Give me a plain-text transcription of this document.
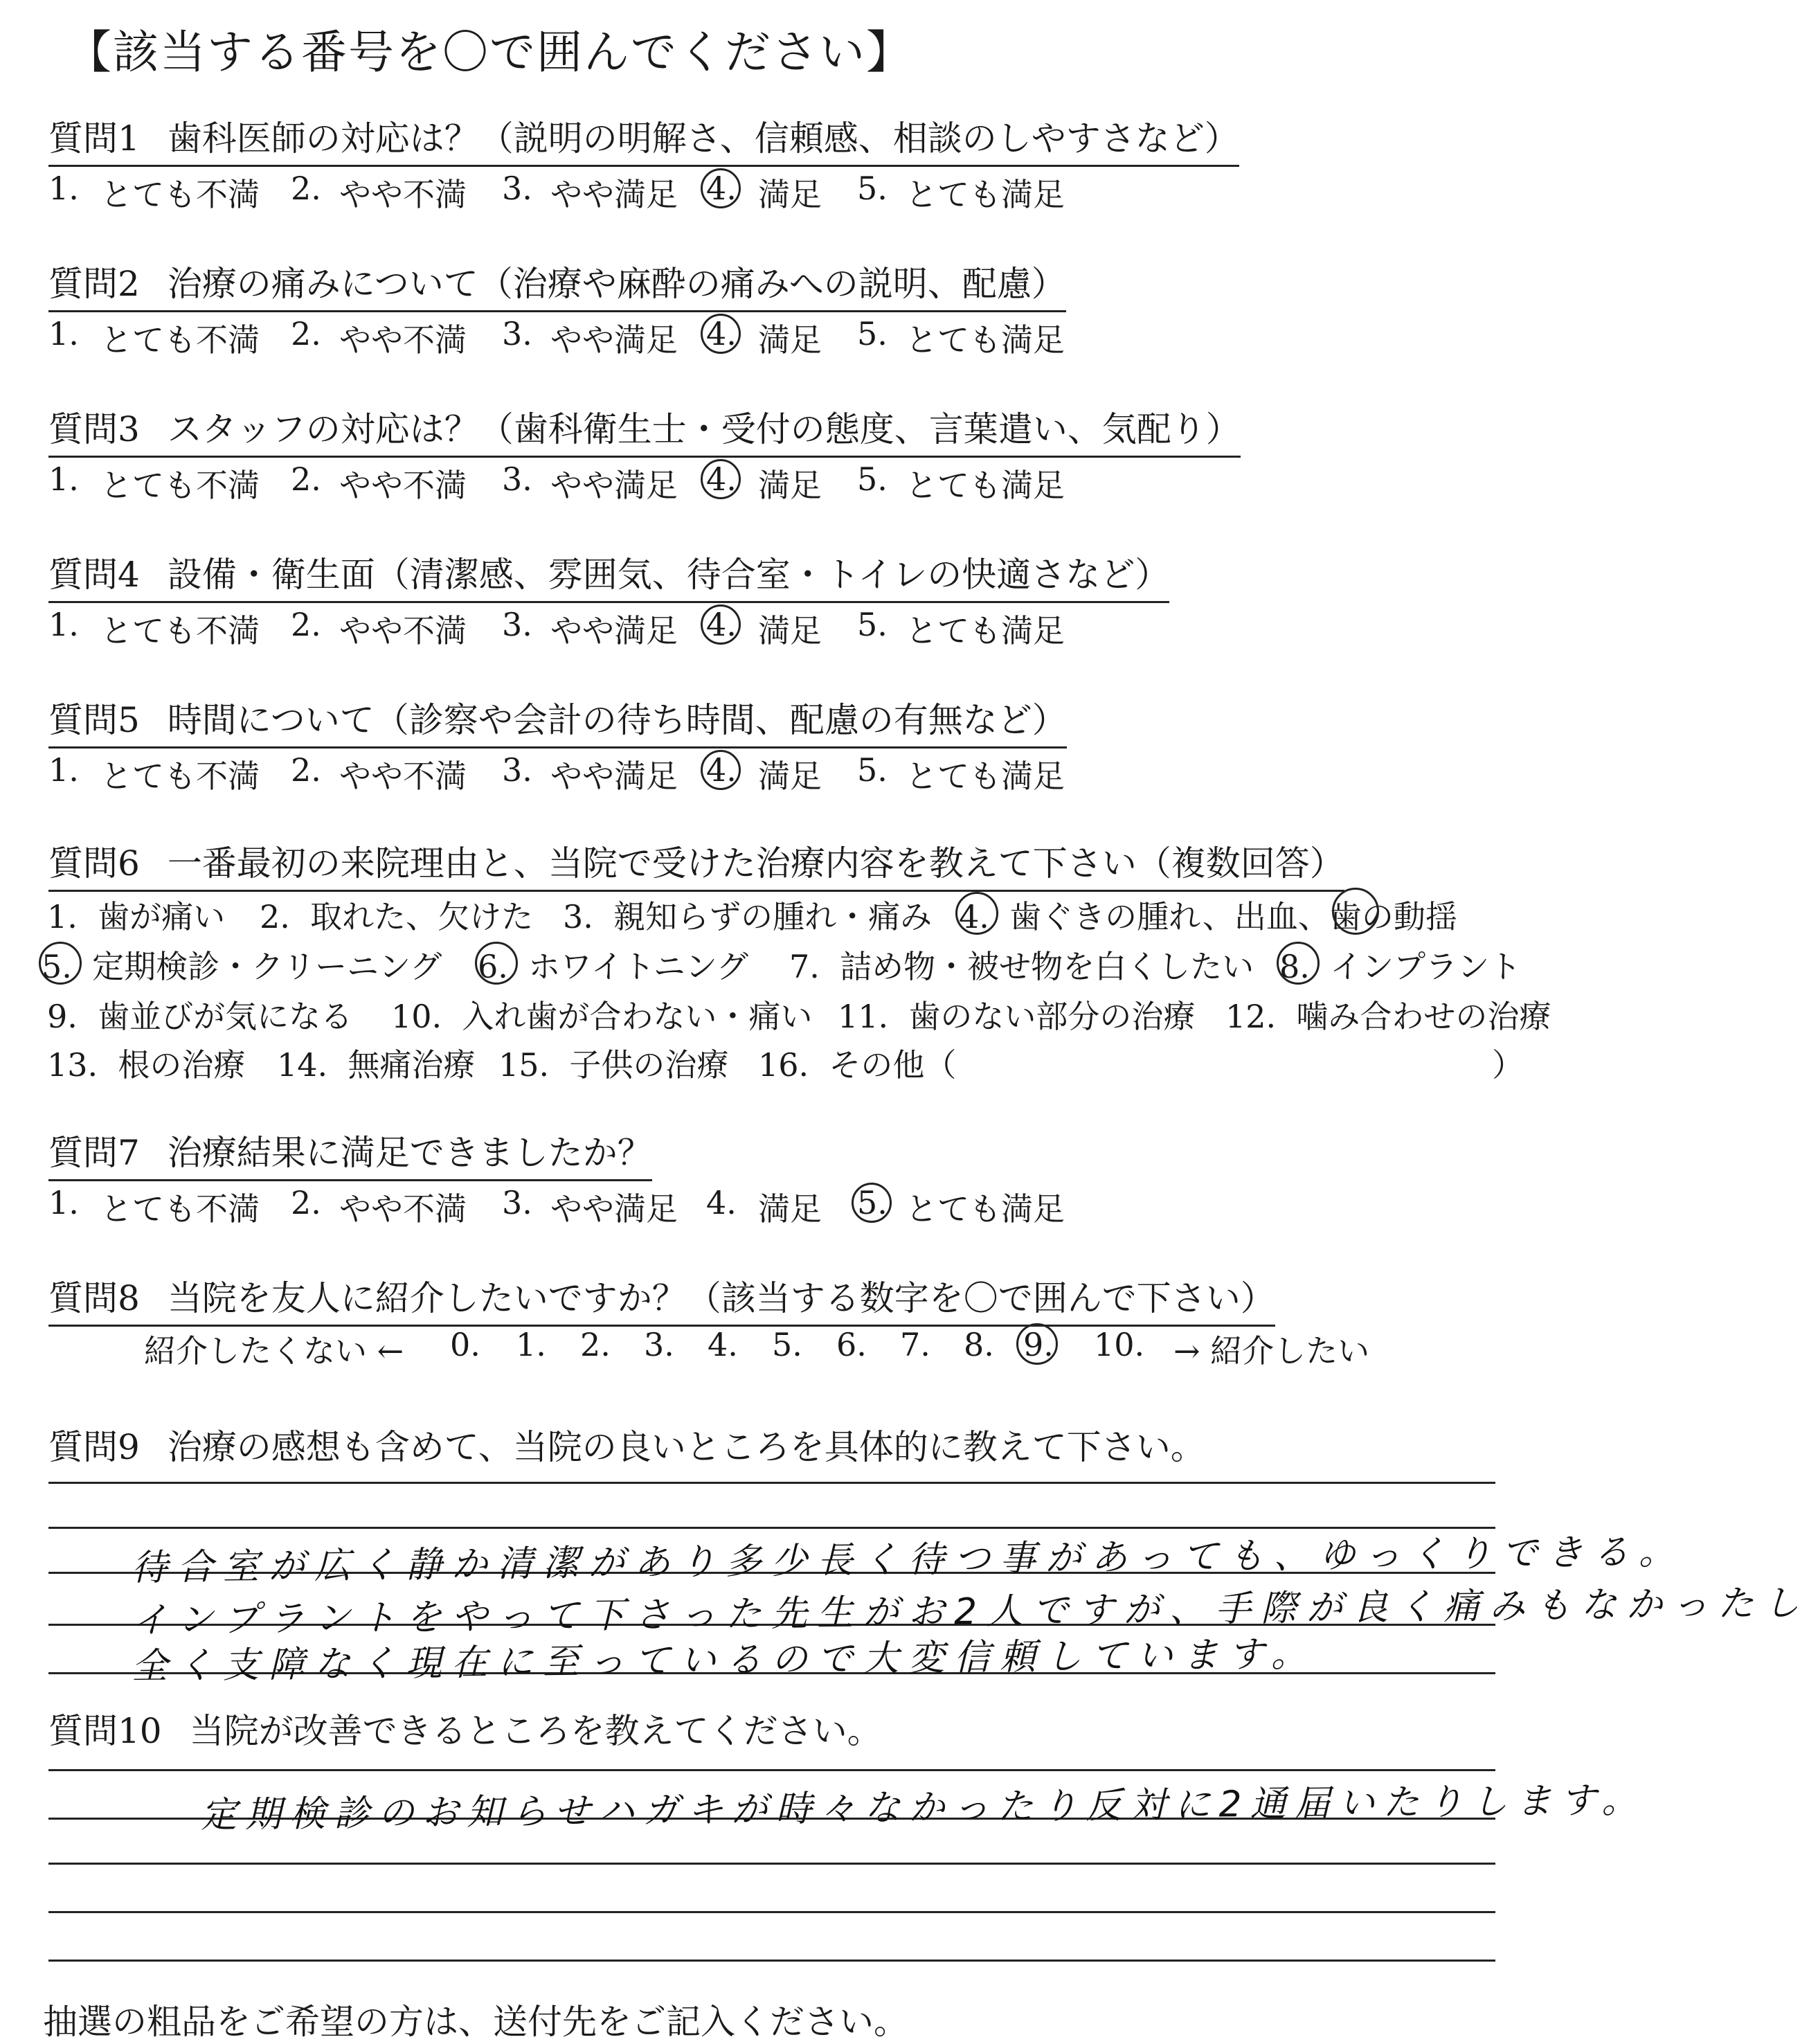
【該当する番号を〇で囲んでください】
質問1 歯科医師の対応は？（説明の明解さ、信頼感、相談のしやすさなど）
質問2 治療の痛みについて（治療や麻酔の痛みへの説明、配慮）
質問3 スタッフの対応は？（歯科衛生士・受付の態度、言葉遣い、気配り）
質問4 設備・衛生面（清潔感、雰囲気、待合室・トイレの快適さなど）
質問5 時間について（診察や会計の待ち時間、配慮の有無など）
1. とても不満 2. やや不満 3. やや満足 4. 満足 5. とても満足
1. とても不満 2. やや不満 3. やや満足 4. 満足 5. とても満足
1. とても不満 2. やや不満 3. やや満足 4. 満足 5. とても満足
1. とても不満 2. やや不満 3. やや満足 4. 満足 5. とても満足
1. とても不満 2. やや不満 3. やや満足 4. 満足 5. とても満足
質問6 一番最初の来院理由と、当院で受けた治療内容を教えて下さい（複数回答）
1. 歯が痛い 2. 取れた、欠けた 3. 親知らずの腫れ・痛み 4. 歯ぐきの腫れ、出血、歯の動揺
5. 定期検診・クリーニング 6. ホワイトニング 7. 詰め物・被せ物を白くしたい 8. インプラント
9. 歯並びが気になる 10. 入れ歯が合わない・痛い 11. 歯のない部分の治療 12. 噛み合わせの治療
13. 根の治療 14. 無痛治療 15. 子供の治療 16. その他（	）
質問7 治療結果に満足できましたか？
1. とても不満 2. やや不満 3. やや満足 4. 満足 5. とても満足
質問8 当院を友人に紹介したいですか？（該当する数字を〇で囲んで下さい）
紹介したくない ← 0. 1. 2. 3. 4. 5. 6. 7. 8. 9. 10. → 紹介したい
質問9 治療の感想も含めて、当院の良いところを具体的に教えて下さい。
待合室が広く静か清潔があり多少長く待つ事があっても、ゆっくりできる。
インプラントをやって下さった先生がお2人ですが、手際が良く痛みもなかったし
全く支障なく現在に至っているので大変信頼しています。
質問10 当院が改善できるところを教えてください。
定期検診のお知らせハガキが時々なかったり反対に2通届いたりします。
抽選の粗品をご希望の方は、送付先をご記入ください。
